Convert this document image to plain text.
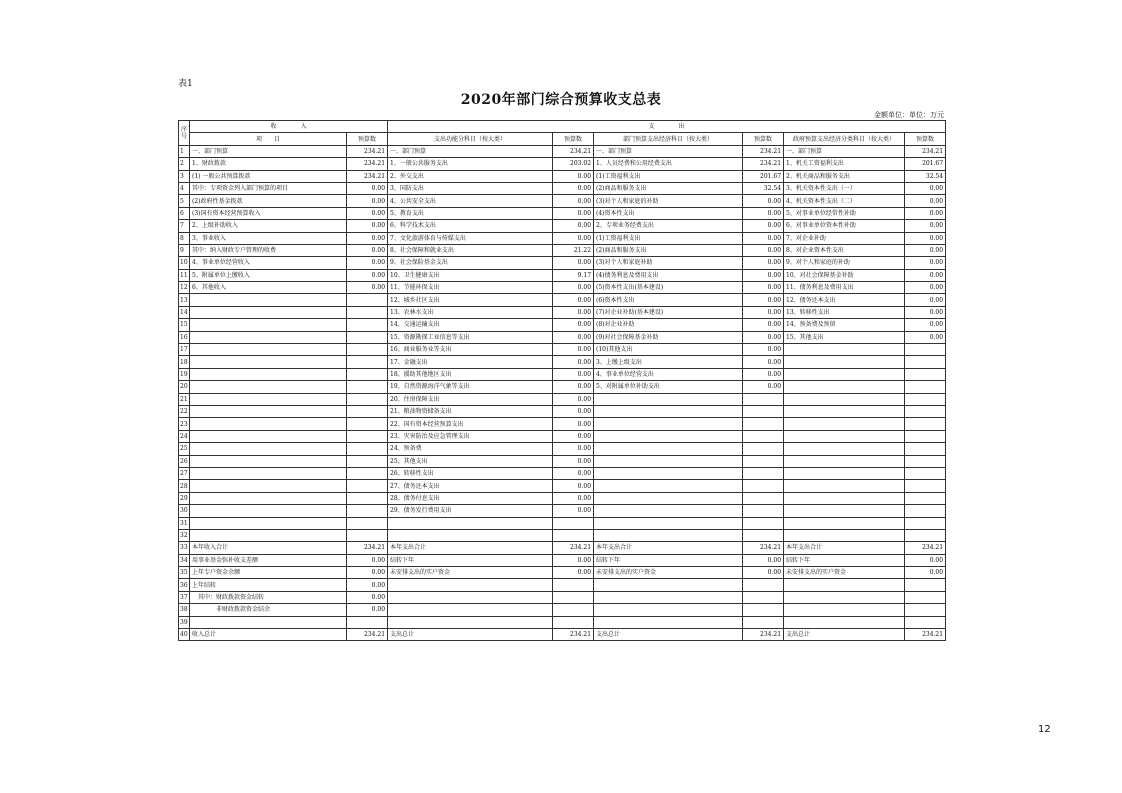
表1
2020年部门综合预算收支总表
金额单位：单位：万元
序号	收　　　　入		支　　　　出					
	项　　目	预算数	支出功能分科目（按大类）	预算数	部门预算支出经济科目（按大类）	预算数	政府预算支出经济分类科目（按大类）	预算数
1	一、部门预算	234.21	一、部门预算	234.21	一、部门预算	234.21	一、部门预算	234.21
2	1、财政拨款	234.21	1、一般公共服务支出	203.02	1、人员经费和公用经费支出	234.21	1、机关工资福利支出	201.67
3	(1) 一般公共预算拨款	234.21	2、外交支出	0.00	(1)工资福利支出	201.67	2、机关商品和服务支出	32.54
4	其中：专项资金列入部门预算的项目	0.00	3、国防支出	0.00	(2)商品和服务支出	32.54	3、机关资本性支出（一）	0.00
5	(2)政府性基金拨款	0.00	4、公共安全支出	0.00	(3)对个人和家庭的补助	0.00	4、机关资本性支出（二）	0.00
6	(3)国有资本经营预算收入	0.00	5、教育支出	0.00	(4)资本性支出	0.00	5、对事业单位经常性补助	0.00
7	2、上级补助收入	0.00	6、科学技术支出	0.00	2、专项业务经费支出	0.00	6、对事业单位资本性补助	0.00
8	3、事业收入	0.00	7、文化旅游体育与传媒支出	0.00	(1)工资福利支出	0.00	7、对企业补助	0.00
9	其中：纳入财政专户管理的收费	0.00	8、社会保障和就业支出	21.22	(2)商品和服务支出	0.00	8、对企业资本性支出	0.00
10	4、事业单位经营收入	0.00	9、社会保险基金支出	0.00	(3)对个人和家庭补助	0.00	9、对个人和家庭的补助	0.00
11	5、附属单位上缴收入	0.00	10、卫生健康支出	9.17	(4)债务利息及费用支出	0.00	10、对社会保障基金补助	0.00
12	6、其他收入	0.00	11、节能环保支出	0.00	(5)资本性支出(基本建设)	0.00	11、债务利息及费用支出	0.00
13			12、城乡社区支出	0.00	(6)资本性支出	0.00	12、债务还本支出	0.00
14			13、农林水支出	0.00	(7)对企业补助(基本建设)	0.00	13、转移性支出	0.00
15			14、交通运输支出	0.00	(8)对企业补助	0.00	14、预备费及预留	0.00
16			15、资源勘探工业信息等支出	0.00	(9)对社会保障基金补助	0.00	15、其他支出	0.00
17			16、商业服务业等支出	0.00	(10)其他支出	0.00		
18			17、金融支出	0.00	3、上缴上级支出	0.00		
19			18、援助其他地区支出	0.00	4、事业单位经营支出	0.00		
20			19、自然资源海洋气象等支出	0.00	5、对附属单位补助支出	0.00		
21			20、住房保障支出	0.00				
22			21、粮油物资储备支出	0.00				
23			22、国有资本经营预算支出	0.00				
24			23、灾害防治及应急管理支出	0.00				
25			24、预备费	0.00				
26			25、其他支出	0.00				
27			26、转移性支出	0.00				
28			27、债务还本支出	0.00				
29			28、债务付息支出	0.00				
30			29、债务发行费用支出	0.00				
31								
32								
33	本年收入合计	234.21	本年支出合计	234.21	本年支出合计	234.21	本年支出合计	234.21
34	用事业基金弥补收支差额	0.00	结转下年	0.00	结转下年	0.00	结转下年	0.00
35	上年专户资金余额	0.00	未安排支出的实户资金	0.00	未安排支出的实户资金	0.00	未安排支出的实户资金	0.00
36	上年结转	0.00						
37	　其中：财政拨款资金结转	0.00						
38	　　　　非财政拨款资金结余	0.00						
39								
40	收入总计	234.21	支出总计	234.21	支出总计	234.21	支出总计	234.21
12
